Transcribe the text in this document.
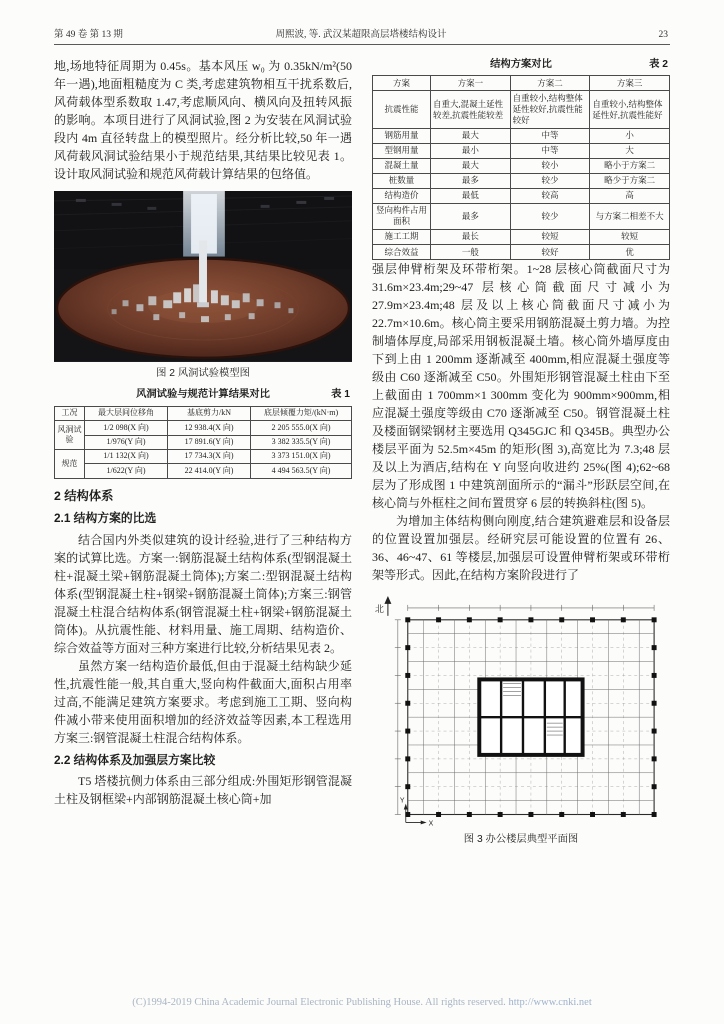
第 49 卷 第 13 期	周熙波, 等. 武汉某超限高层塔楼结构设计	23

地,场地特征周期为 0.45s。基本风压 w₀ 为 0.35kN/m²(50 年一遇),地面粗糙度为 C 类,考虑建筑物相互干扰系数后,风荷载体型系数取 1.47,考虑顺风向、横风向及扭转风振的影响。本项目进行了风洞试验,图 2 为安装在风洞试验段内 4m 直径转盘上的模型照片。经分析比较,50 年一遇风荷载风洞试验结果小于规范结果,其结果比较见表 1。设计取风洞试验和规范风荷载计算结果的包络值。

图 2 风洞试验模型图
风洞试验与规范计算结果对比	表 1
工况	最大层间位移角	基底剪力/kN	底层倾覆力矩/(kN·m)
风洞试验	1/2 098(X 向)	12 938.4(X 向)	2 205 555.0(X 向)
	1/976(Y 向)	17 891.6(Y 向)	3 382 335.5(Y 向)
规范	1/1 132(X 向)	17 734.3(X 向)	3 373 151.0(X 向)
	1/622(Y 向)	22 414.0(Y 向)	4 494 563.5(Y 向)
2 结构体系
2.1 结构方案的比选

结合国内外类似建筑的设计经验,进行了三种结构方案的试算比选。方案一:钢筋混凝土结构体系(型钢混凝土柱+混凝土梁+钢筋混凝土筒体);方案二:型钢混凝土结构体系(型钢混凝土柱+钢梁+钢筋混凝土筒体);方案三:钢管混凝土柱混合结构体系(钢管混凝土柱+钢梁+钢筋混凝土筒体)。从抗震性能、材料用量、施工周期、结构造价、综合效益等方面对三种方案进行比较,分析结果见表 2。

虽然方案一结构造价最低,但由于混凝土结构缺少延性,抗震性能一般,其自重大,竖向构件截面大,面积占用率过高,不能满足建筑方案要求。考虑到施工工期、竖向构件减小带来使用面积增加的经济效益等因素,本工程选用方案三:钢管混凝土柱混合结构体系。

2.2 结构体系及加强层方案比较

T5 塔楼抗侧力体系由三部分组成:外围矩形钢管混凝土柱及钢框梁+内部钢筋混凝土核心筒+加

结构方案对比	表 2
方案	方案一	方案二	方案三
抗震性能	自重大,混凝土延性较差,抗震性能较差	自重较小,结构整体延性较好,抗震性能较好	自重较小,结构整体延性好,抗震性能好
钢筋用量	最大	中等	小
型钢用量	最小	中等	大
混凝土量	最大	较小	略小于方案二
桩数量	最多	较少	略少于方案二
结构造价	最低	较高	高
竖向构件占用面积	最多	较少	与方案二相差不大
施工工期	最长	较短	较短
综合效益	一般	较好	优

强层伸臂桁架及环带桁架。1~28 层核心筒截面尺寸为 31.6m×23.4m;29~47 层核心筒截面尺寸减小为 27.9m×23.4m;48 层及以上核心筒截面尺寸减小为 22.7m×10.6m。核心筒主要采用钢筋混凝土剪力墙。为控制墙体厚度,局部采用钢板混凝土墙。核心筒外墙厚度由下到上由 1 200mm 逐渐减至 400mm,相应混凝土强度等级由 C60 逐渐减至 C50。外围矩形钢管混凝土柱由下至上截面由 1 700mm×1 300mm 变化为 900mm×900mm,相应混凝土强度等级由 C70 逐渐减至 C50。钢管混凝土柱及楼面钢梁钢材主要选用 Q345GJC 和 Q345B。典型办公楼层平面为 52.5m×45m 的矩形(图 3),高宽比为 7.3;48 层及以上为酒店,结构在 Y 向竖向收进约 25%(图 4);62~68 层为了形成图 1 中建筑剖面所示的“漏斗”形跃层空间,在核心筒与外框柱之间布置贯穿 6 层的转换斜柱(图 5)。

为增加主体结构侧向刚度,结合建筑避难层和设备层的位置设置加强层。经研究层可能设置的位置有 26、36、46~47、61 等楼层,加强层可设置伸臂桁架或环带桁架等形式。因此,在结构方案阶段进行了

北
X
Y
图 3 办公楼层典型平面图
(C)1994-2019 China Academic Journal Electronic Publishing House. All rights reserved. http://www.cnki.net
